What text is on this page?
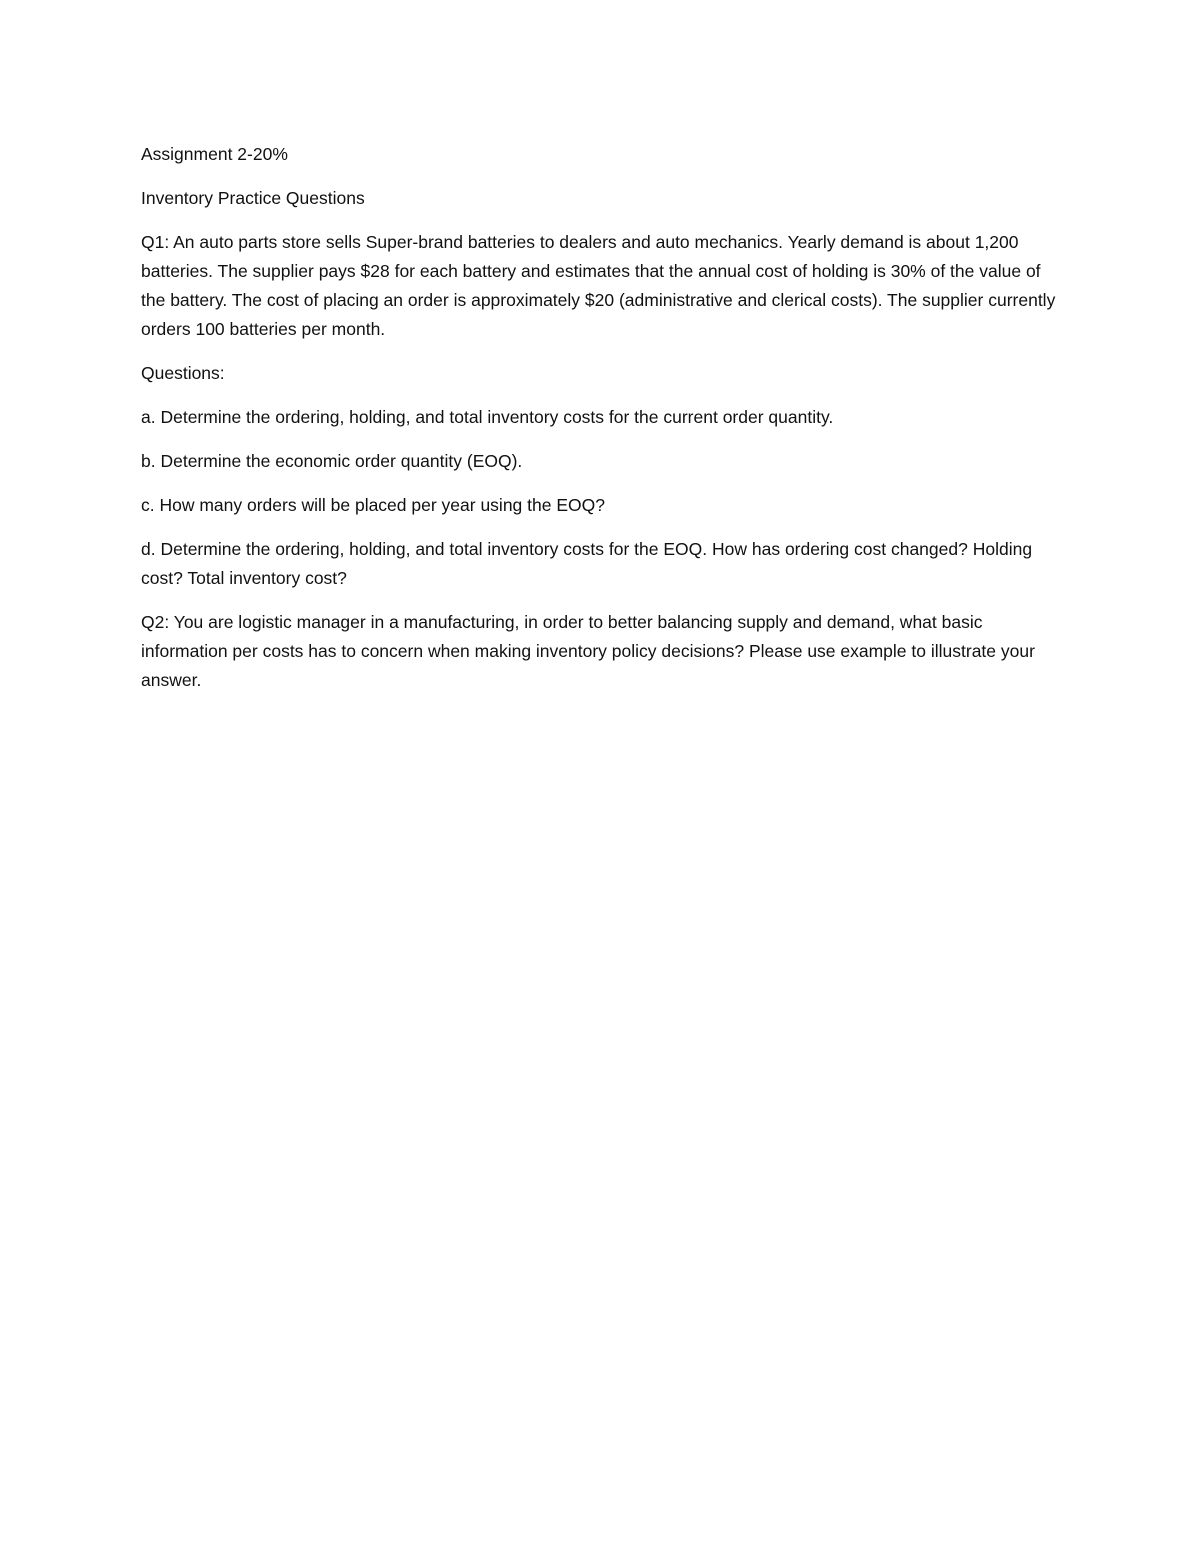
Assignment 2-20%

Inventory Practice Questions

Q1: An auto parts store sells Super-brand batteries to dealers and auto mechanics. Yearly demand is about 1,200 batteries. The supplier pays $28 for each battery and estimates that the annual cost of holding is 30% of the value of the battery. The cost of placing an order is approximately $20 (administrative and clerical costs). The supplier currently orders 100 batteries per month.

Questions:

a. Determine the ordering, holding, and total inventory costs for the current order quantity.

b. Determine the economic order quantity (EOQ).

c. How many orders will be placed per year using the EOQ?

d. Determine the ordering, holding, and total inventory costs for the EOQ. How has ordering cost changed? Holding cost? Total inventory cost?

Q2: You are logistic manager in a manufacturing, in order to better balancing supply and demand, what basic information per costs has to concern when making inventory policy decisions? Please use example to illustrate your answer.
